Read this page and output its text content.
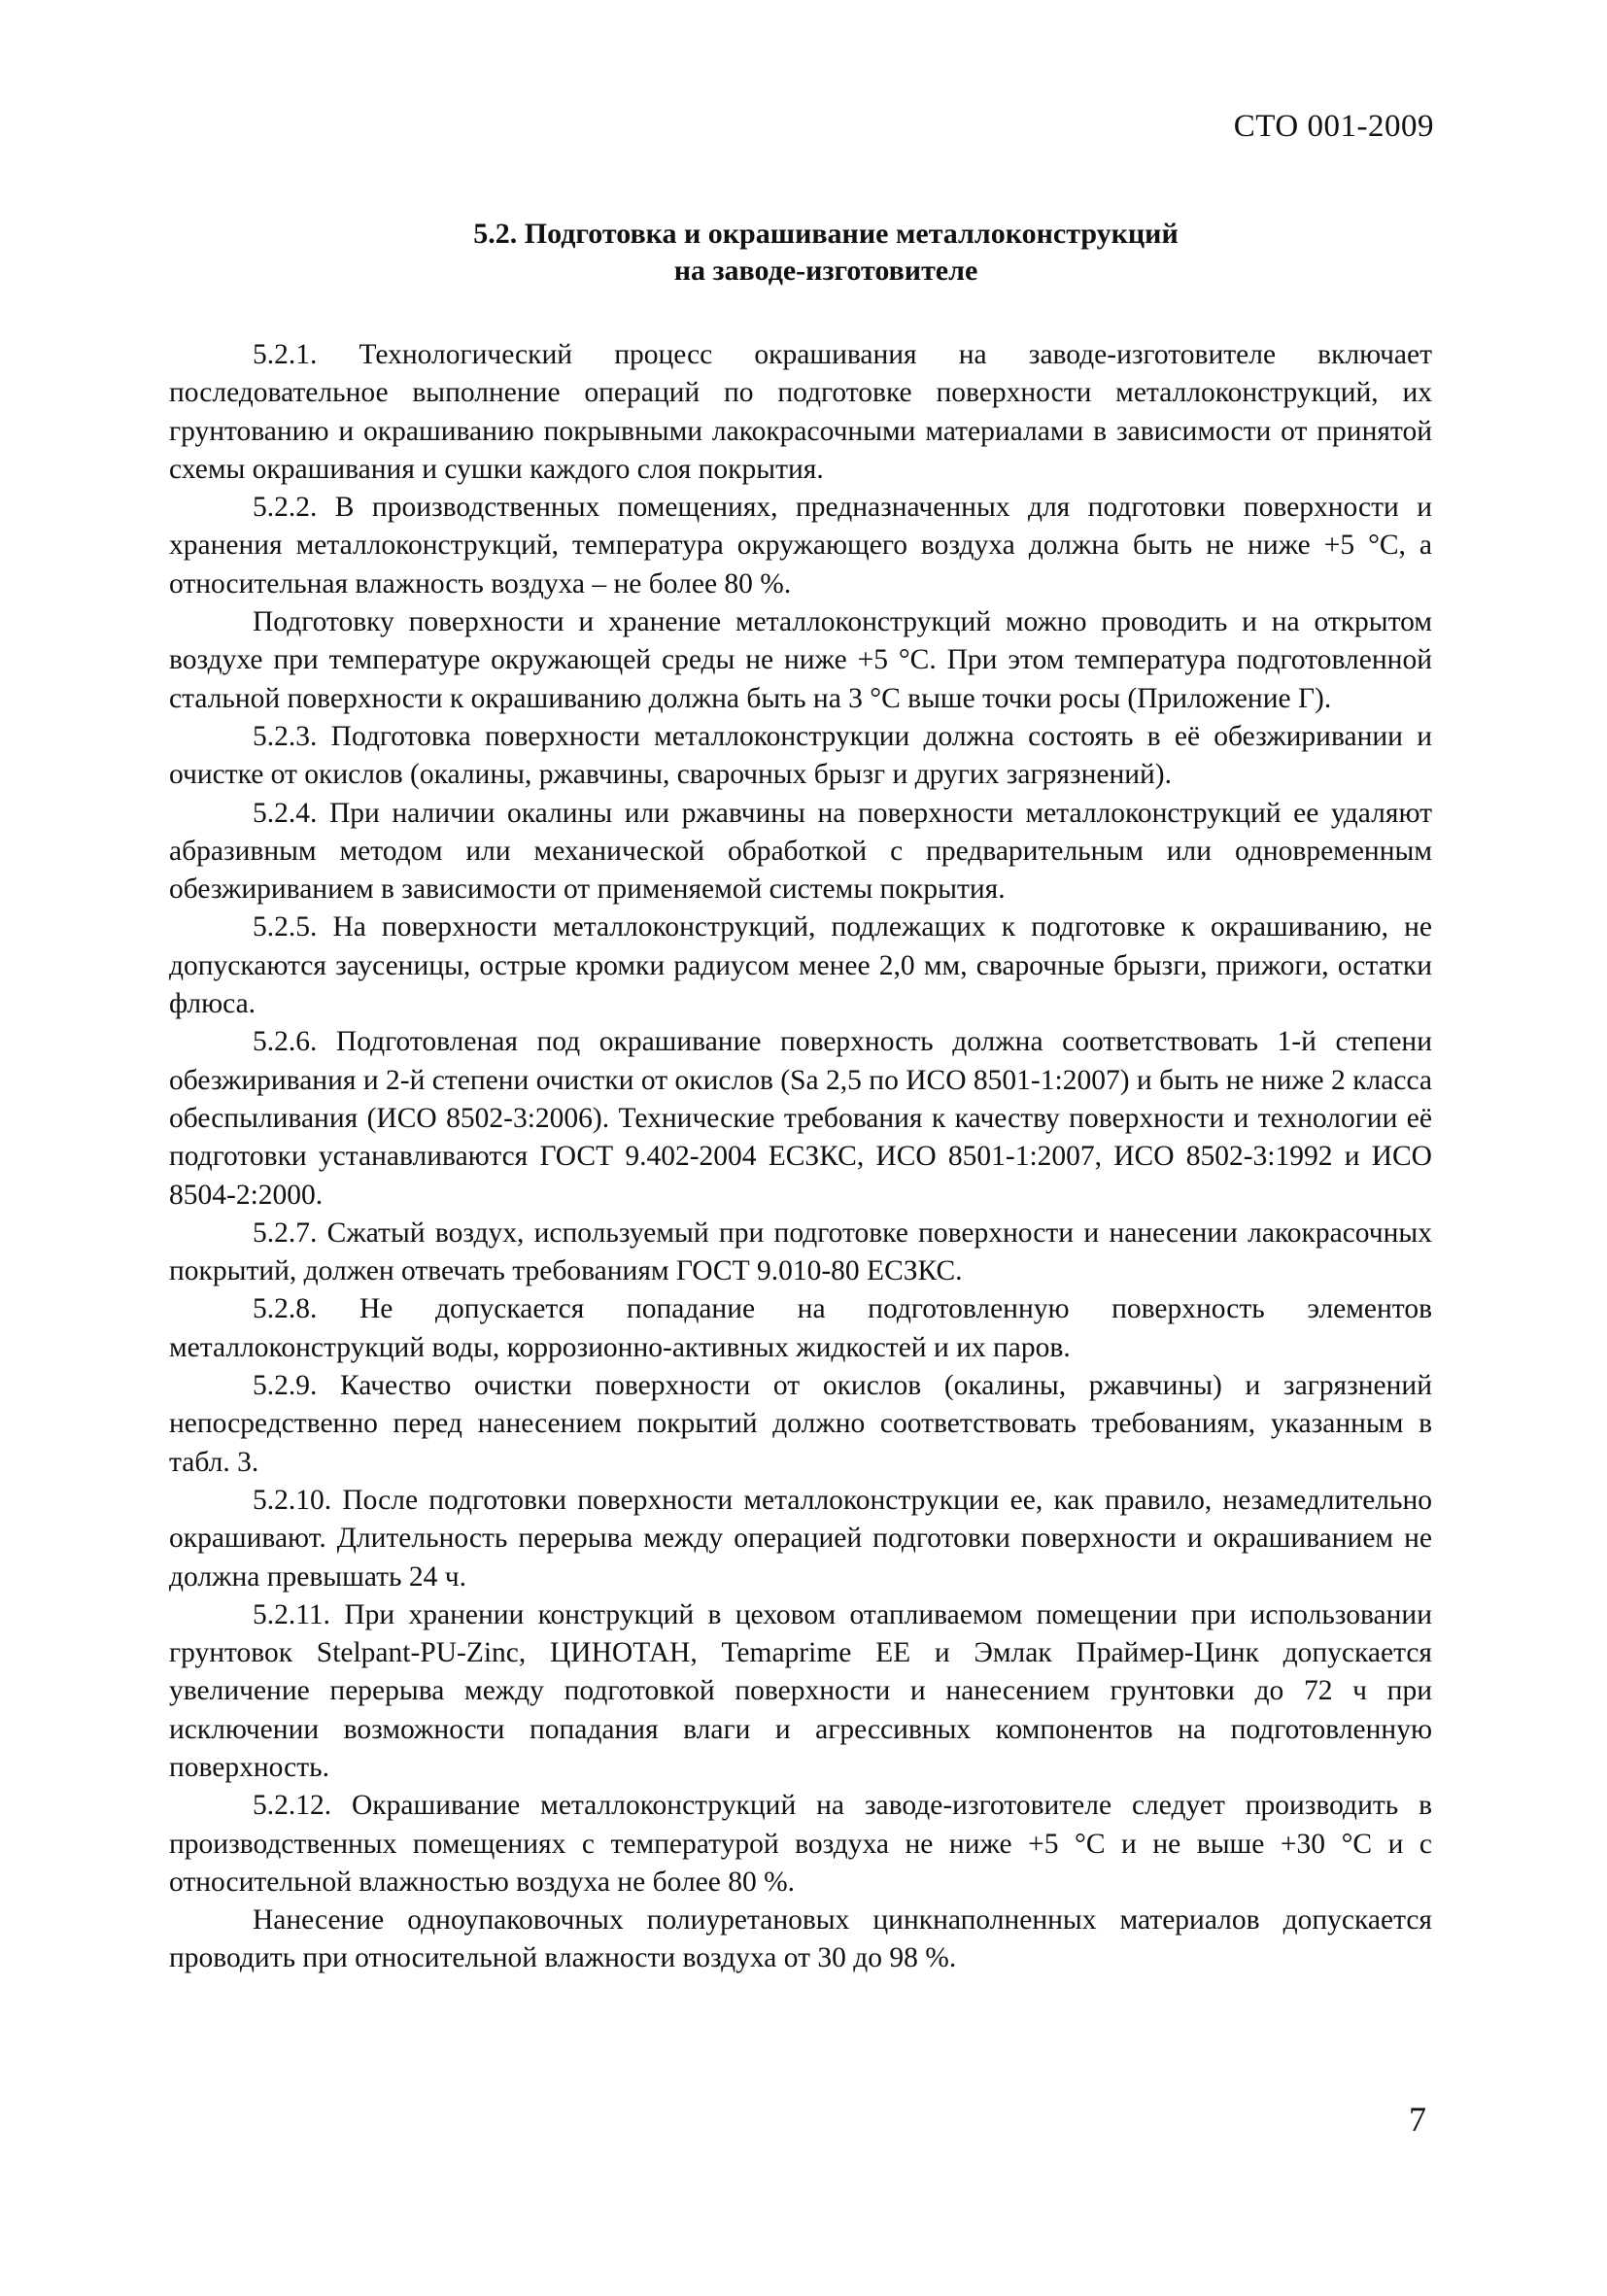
СТО 001-2009
5.2. Подготовка и окрашивание металлоконструкций
на заводе-изготовителе

5.2.1. Технологический процесс окрашивания на заводе-изготовителе включает последовательное выполнение операций по подготовке поверхности металлоконструкций, их грунтованию и окрашиванию покрывными лакокрасочными материалами в зависимости от принятой схемы окрашивания и сушки каждого слоя покрытия.

5.2.2. В производственных помещениях, предназначенных для подготовки поверхности и хранения металлоконструкций, температура окружающего воздуха должна быть не ниже +5 °С, а относительная влажность воздуха – не более 80 %.

Подготовку поверхности и хранение металлоконструкций можно проводить и на открытом воздухе при температуре окружающей среды не ниже +5 °С. При этом температура подготовленной стальной поверхности к окрашиванию должна быть на 3 °С выше точки росы (Приложение Г).

5.2.3. Подготовка поверхности металлоконструкции должна состоять в её обезжиривании и очистке от окислов (окалины, ржавчины, сварочных брызг и других загрязнений).

5.2.4. При наличии окалины или ржавчины на поверхности металлоконструкций ее удаляют абразивным методом или механической обработкой с предварительным или одновременным обезжириванием в зависимости от применяемой системы покрытия.

5.2.5. На поверхности металлоконструкций, подлежащих к подготовке к окрашиванию, не допускаются заусеницы, острые кромки радиусом менее 2,0 мм, сварочные брызги, прижоги, остатки флюса.

5.2.6. Подготовленая под окрашивание поверхность должна соответствовать 1-й степени обезжиривания и 2-й степени очистки от окислов (Sa 2,5 по ИСО 8501-1:2007) и быть не ниже 2 класса обеспыливания (ИСО 8502-3:2006). Технические требования к качеству поверхности и технологии её подготовки устанавливаются ГОСТ 9.402-2004 ЕСЗКС, ИСО 8501-1:2007, ИСО 8502-3:1992 и ИСО 8504-2:2000.

5.2.7. Сжатый воздух, используемый при подготовке поверхности и нанесении лакокрасочных покрытий, должен отвечать требованиям ГОСТ 9.010-80 ЕСЗКС.

5.2.8. Не допускается попадание на подготовленную поверхность элементов металлоконструкций воды, коррозионно-активных жидкостей и их паров.

5.2.9. Качество очистки поверхности от окислов (окалины, ржавчины) и загрязнений непосредственно перед нанесением покрытий должно соответствовать требованиям, указанным в табл. 3.

5.2.10. После подготовки поверхности металлоконструкции ее, как правило, незамедлительно окрашивают. Длительность перерыва между операцией подготовки поверхности и окрашиванием не должна превышать 24 ч.

5.2.11. При хранении конструкций в цеховом отапливаемом помещении при использовании грунтовок Stelpant-PU-Zinc, ЦИНОТАН, Temaprime EE и Эмлак Праймер-Цинк допускается увеличение перерыва между подготовкой поверхности и нанесением грунтовки до 72 ч при исключении возможности попадания влаги и агрессивных компонентов на подготовленную поверхность.

5.2.12. Окрашивание металлоконструкций на заводе-изготовителе следует производить в производственных помещениях с температурой воздуха не ниже +5 °С и не выше +30 °С и с относительной влажностью воздуха не более 80 %.

Нанесение одноупаковочных полиуретановых цинкнаполненных материалов допускается проводить при относительной влажности воздуха от 30 до 98 %.

7
